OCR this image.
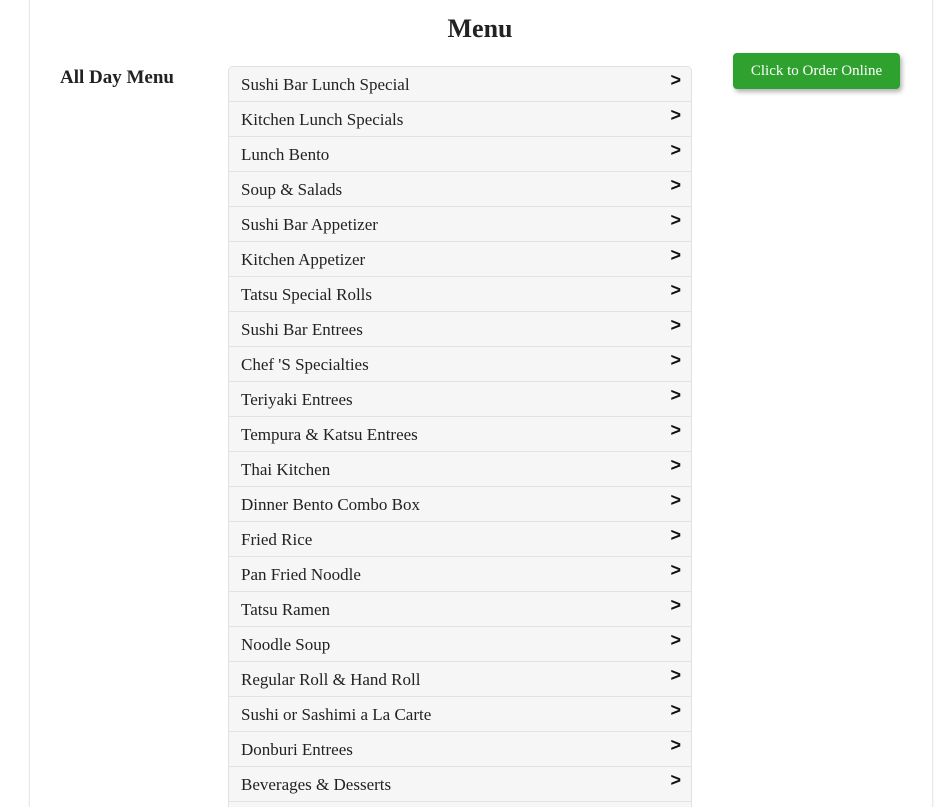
Menu
All Day Menu	Sushi Bar Lunch Special	>
Kitchen Lunch Specials	>
Lunch Bento	>
Soup & Salads	>
Sushi Bar Appetizer	>
Kitchen Appetizer	>
Tatsu Special Rolls	>
Sushi Bar Entrees	>
Chef 'S Specialties	>
Teriyaki Entrees	>
Tempura & Katsu Entrees	>
Thai Kitchen	>
Dinner Bento Combo Box	>
Fried Rice	>
Pan Fried Noodle	>
Tatsu Ramen	>
Noodle Soup	>
Regular Roll & Hand Roll	>
Sushi or Sashimi a La Carte	>
Donburi Entrees	>
Beverages & Desserts	>
Click to Order Online
